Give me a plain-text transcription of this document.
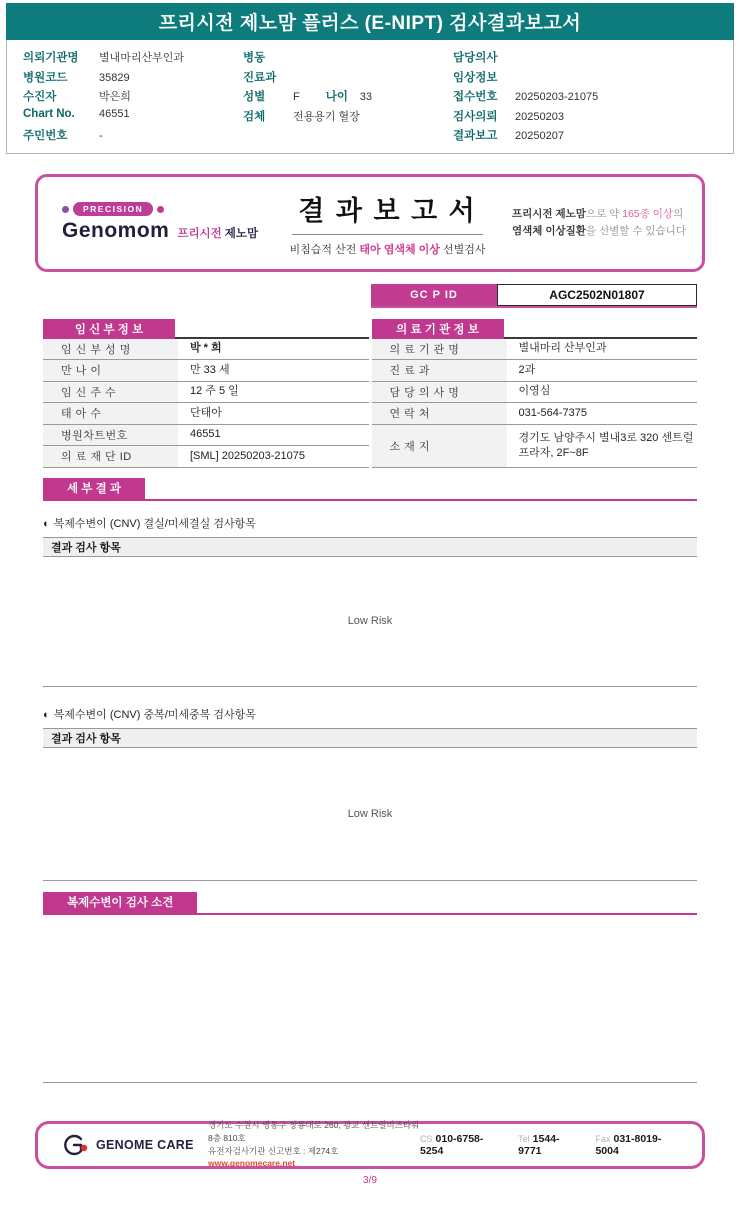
프리시전 제노맘 플러스 (E-NIPT) 검사결과보고서
의뢰기관명	별내마리산부인과
병원코드	35829
수진자	박은희
Chart No.	46551
주민번호	-
병동
진료과
성별	F 나이	33
검체	전용용기 혈장
담당의사
임상정보
접수번호	20250203-21075
검사의뢰	20250203
결과보고	20250207
PRECISION
Genomom 프리시전 제노맘
결 과 보 고 서
비침습적 산전 태아 염색체 이상 선별검사
프리시전 제노맘으로 약 165종 이상의
염색체 이상질환을 선별할 수 있습니다
GC P ID	AGC2502N01807
임 신 부 정 보
임 신 부 성 명	박 * 희
만 나 이	만 33 세
임 신 주 수	12 주 5 일
태 아 수	단태아
병원차트번호	46551
의 료 재 단 ID	[SML] 20250203-21075
의 료 기 관 정 보
의 료 기 관 명	별내마리 산부인과
진 료 과	2과
담 당 의 사 명	이영심
연 락 처	031-564-7375
소 재 지
경기도 남양주시 별내3로 320 센트럴 프라자, 2F~8F
세 부 결 과
◐ 복제수변이 (CNV) 결실/미세결실 검사항목
결과 검사 항목
Low Risk
◐ 복제수변이 (CNV) 중복/미세중복 검사항목
결과 검사 항목
Low Risk
복제수변이 검사 소견
GENOME CARE
경기도 수원시 영통구 창룡대로 260, 광교 센트럴비즈타워 8층 810호
유전자검사기관 신고번호 : 제274호
www.genomecare.net
CS 010-6758-5254
Tel 1544-9771
Fax 031-8019-5004
3/9
